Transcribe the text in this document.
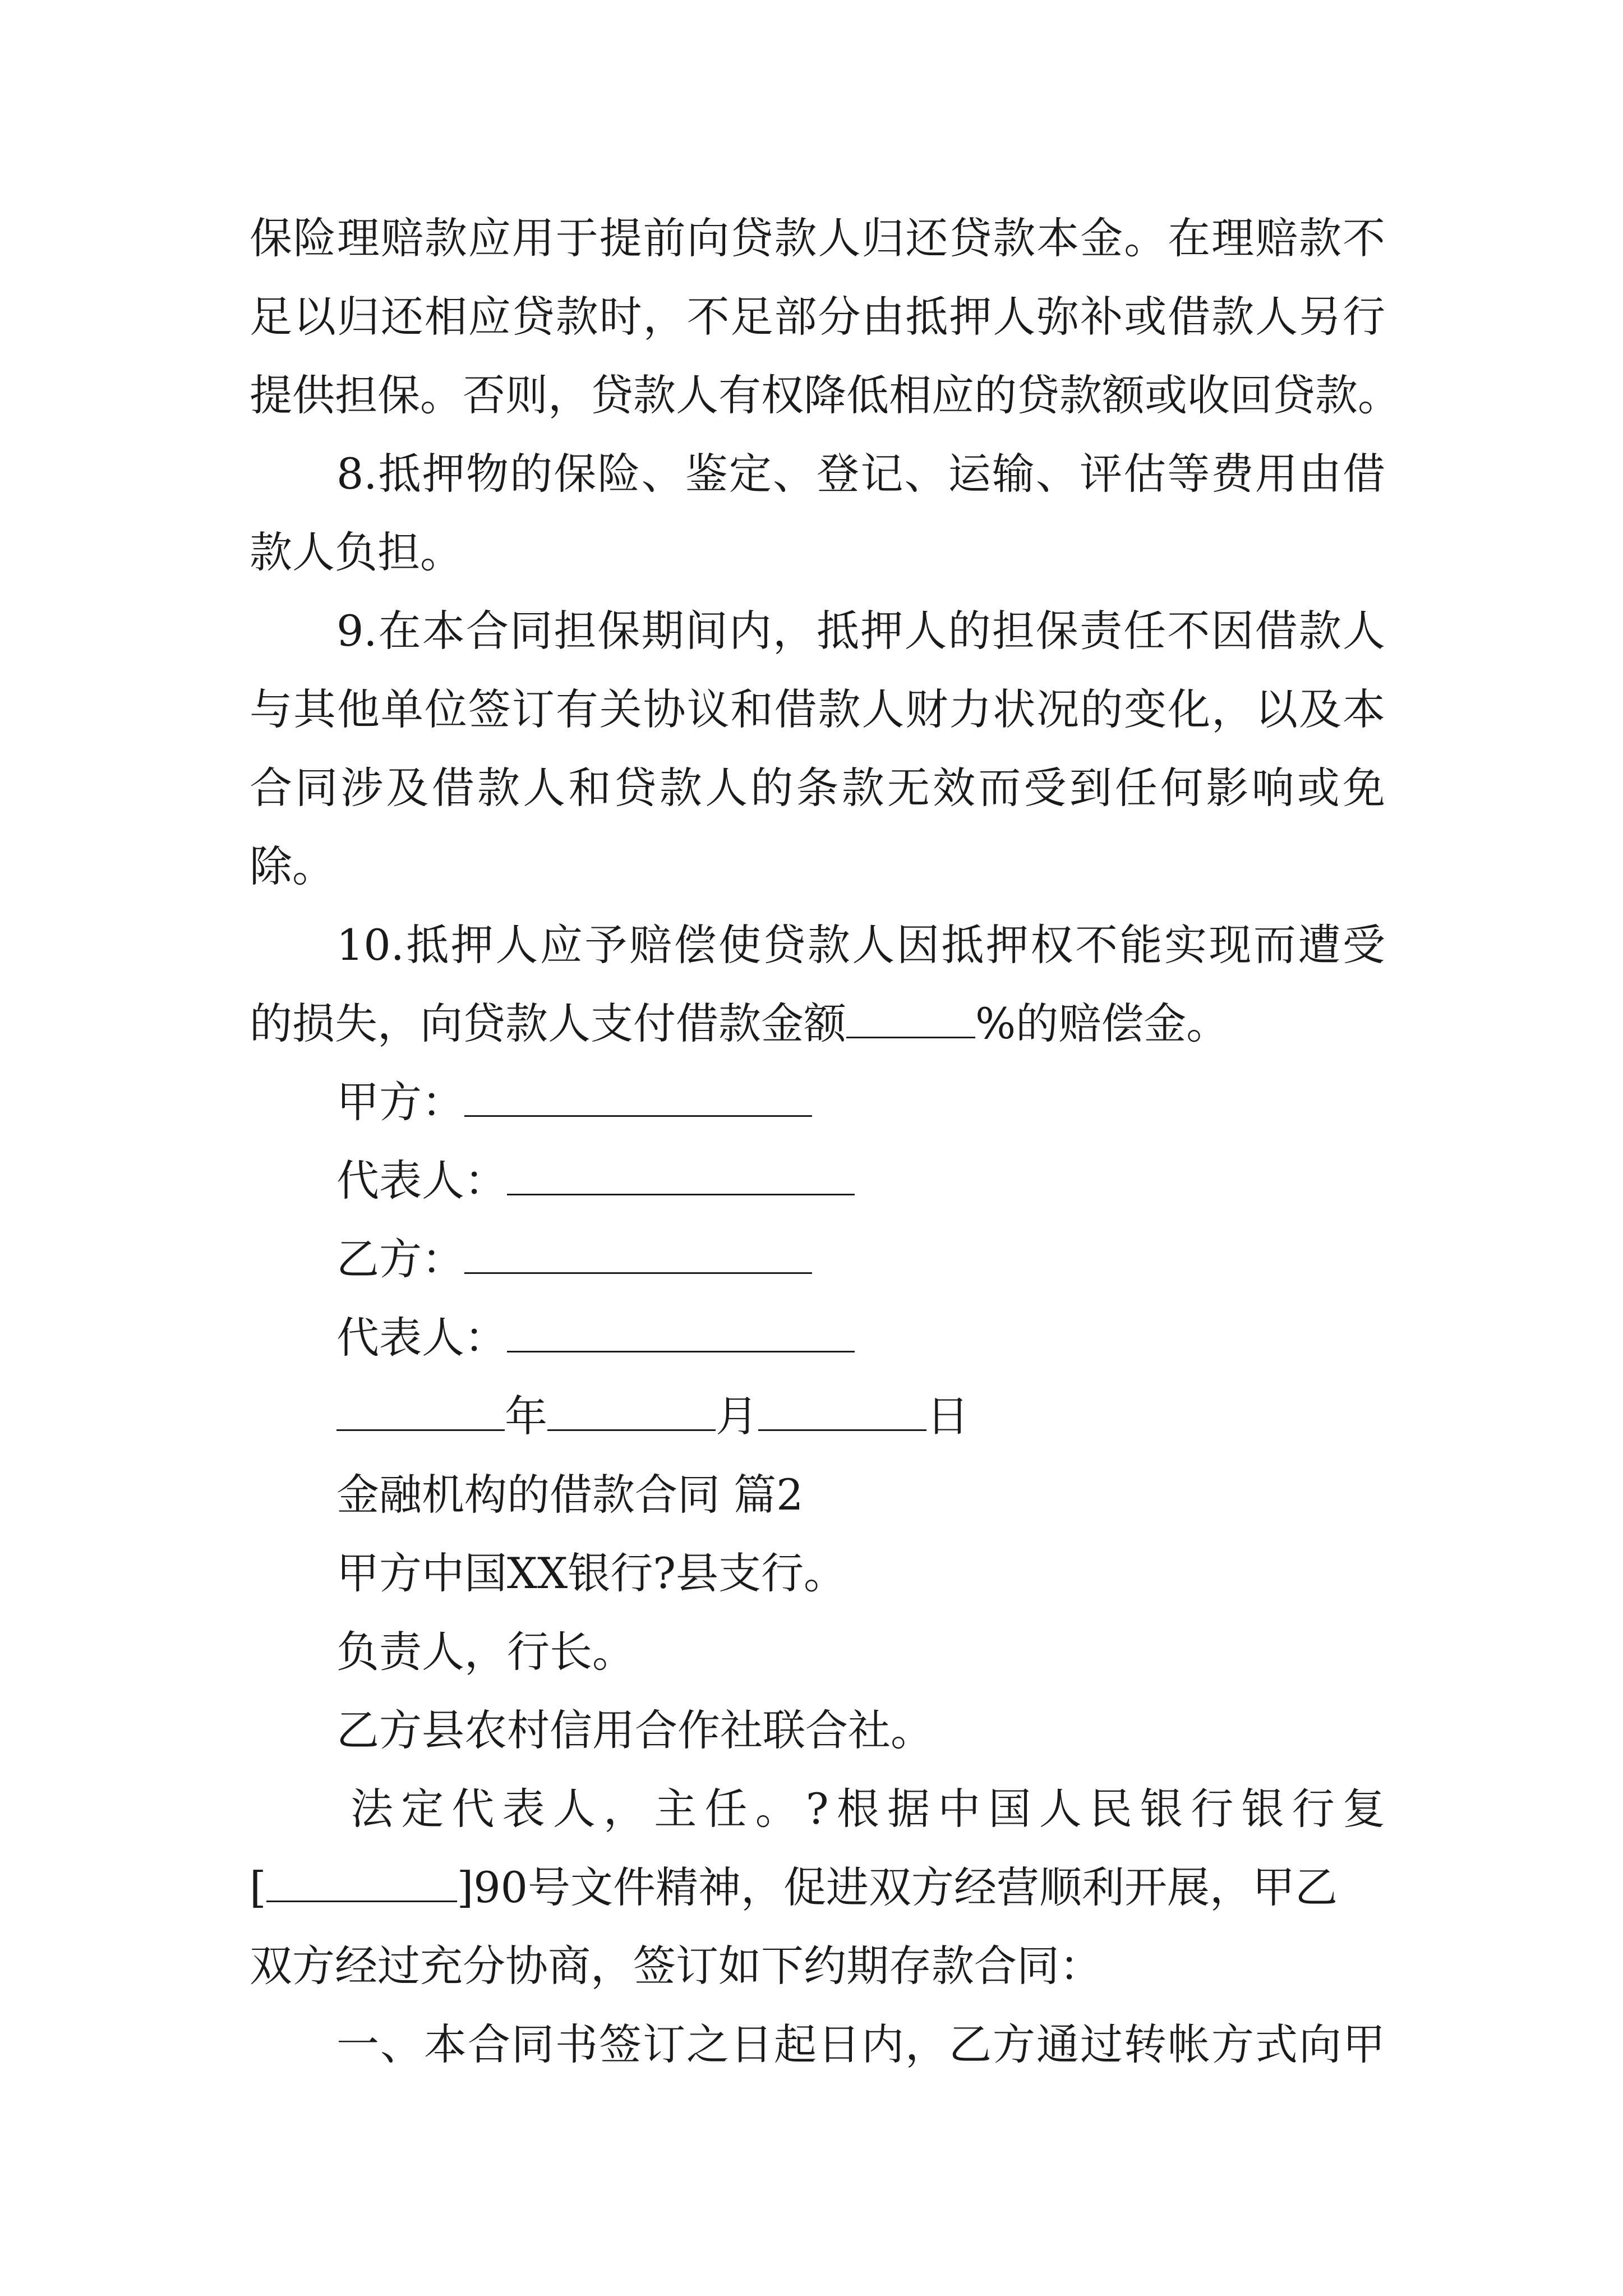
保险理赔款应用于提前向贷款人归还贷款本金。在理赔款不
足以归还相应贷款时，不足部分由抵押人弥补或借款人另行
提供担保。否则，贷款人有权降低相应的贷款额或收回贷款。
8.抵押物的保险、鉴定、登记、运输、评估等费用由借
款人负担。
9.在本合同担保期间内，抵押人的担保责任不因借款人
与其他单位签订有关协议和借款人财力状况的变化，以及本
合同涉及借款人和贷款人的条款无效而受到任何影响或免
除。
10.抵押人应予赔偿使贷款人因抵押权不能实现而遭受
的损失，向贷款人支付借款金额	%的赔偿金。
甲方：
代表人：
乙方：
代表人：
年	月	日
金融机构的借款合同 篇2
甲方中国XX银行?县支行。
负责人，行长。
乙方县农村信用合作社联合社。
法定代表人，主任。?根据中国人民银行银行复
[	]90号文件精神，促进双方经营顺利开展，甲乙
双方经过充分协商，签订如下约期存款合同：
一、本合同书签订之日起日内，乙方通过转帐方式向甲
